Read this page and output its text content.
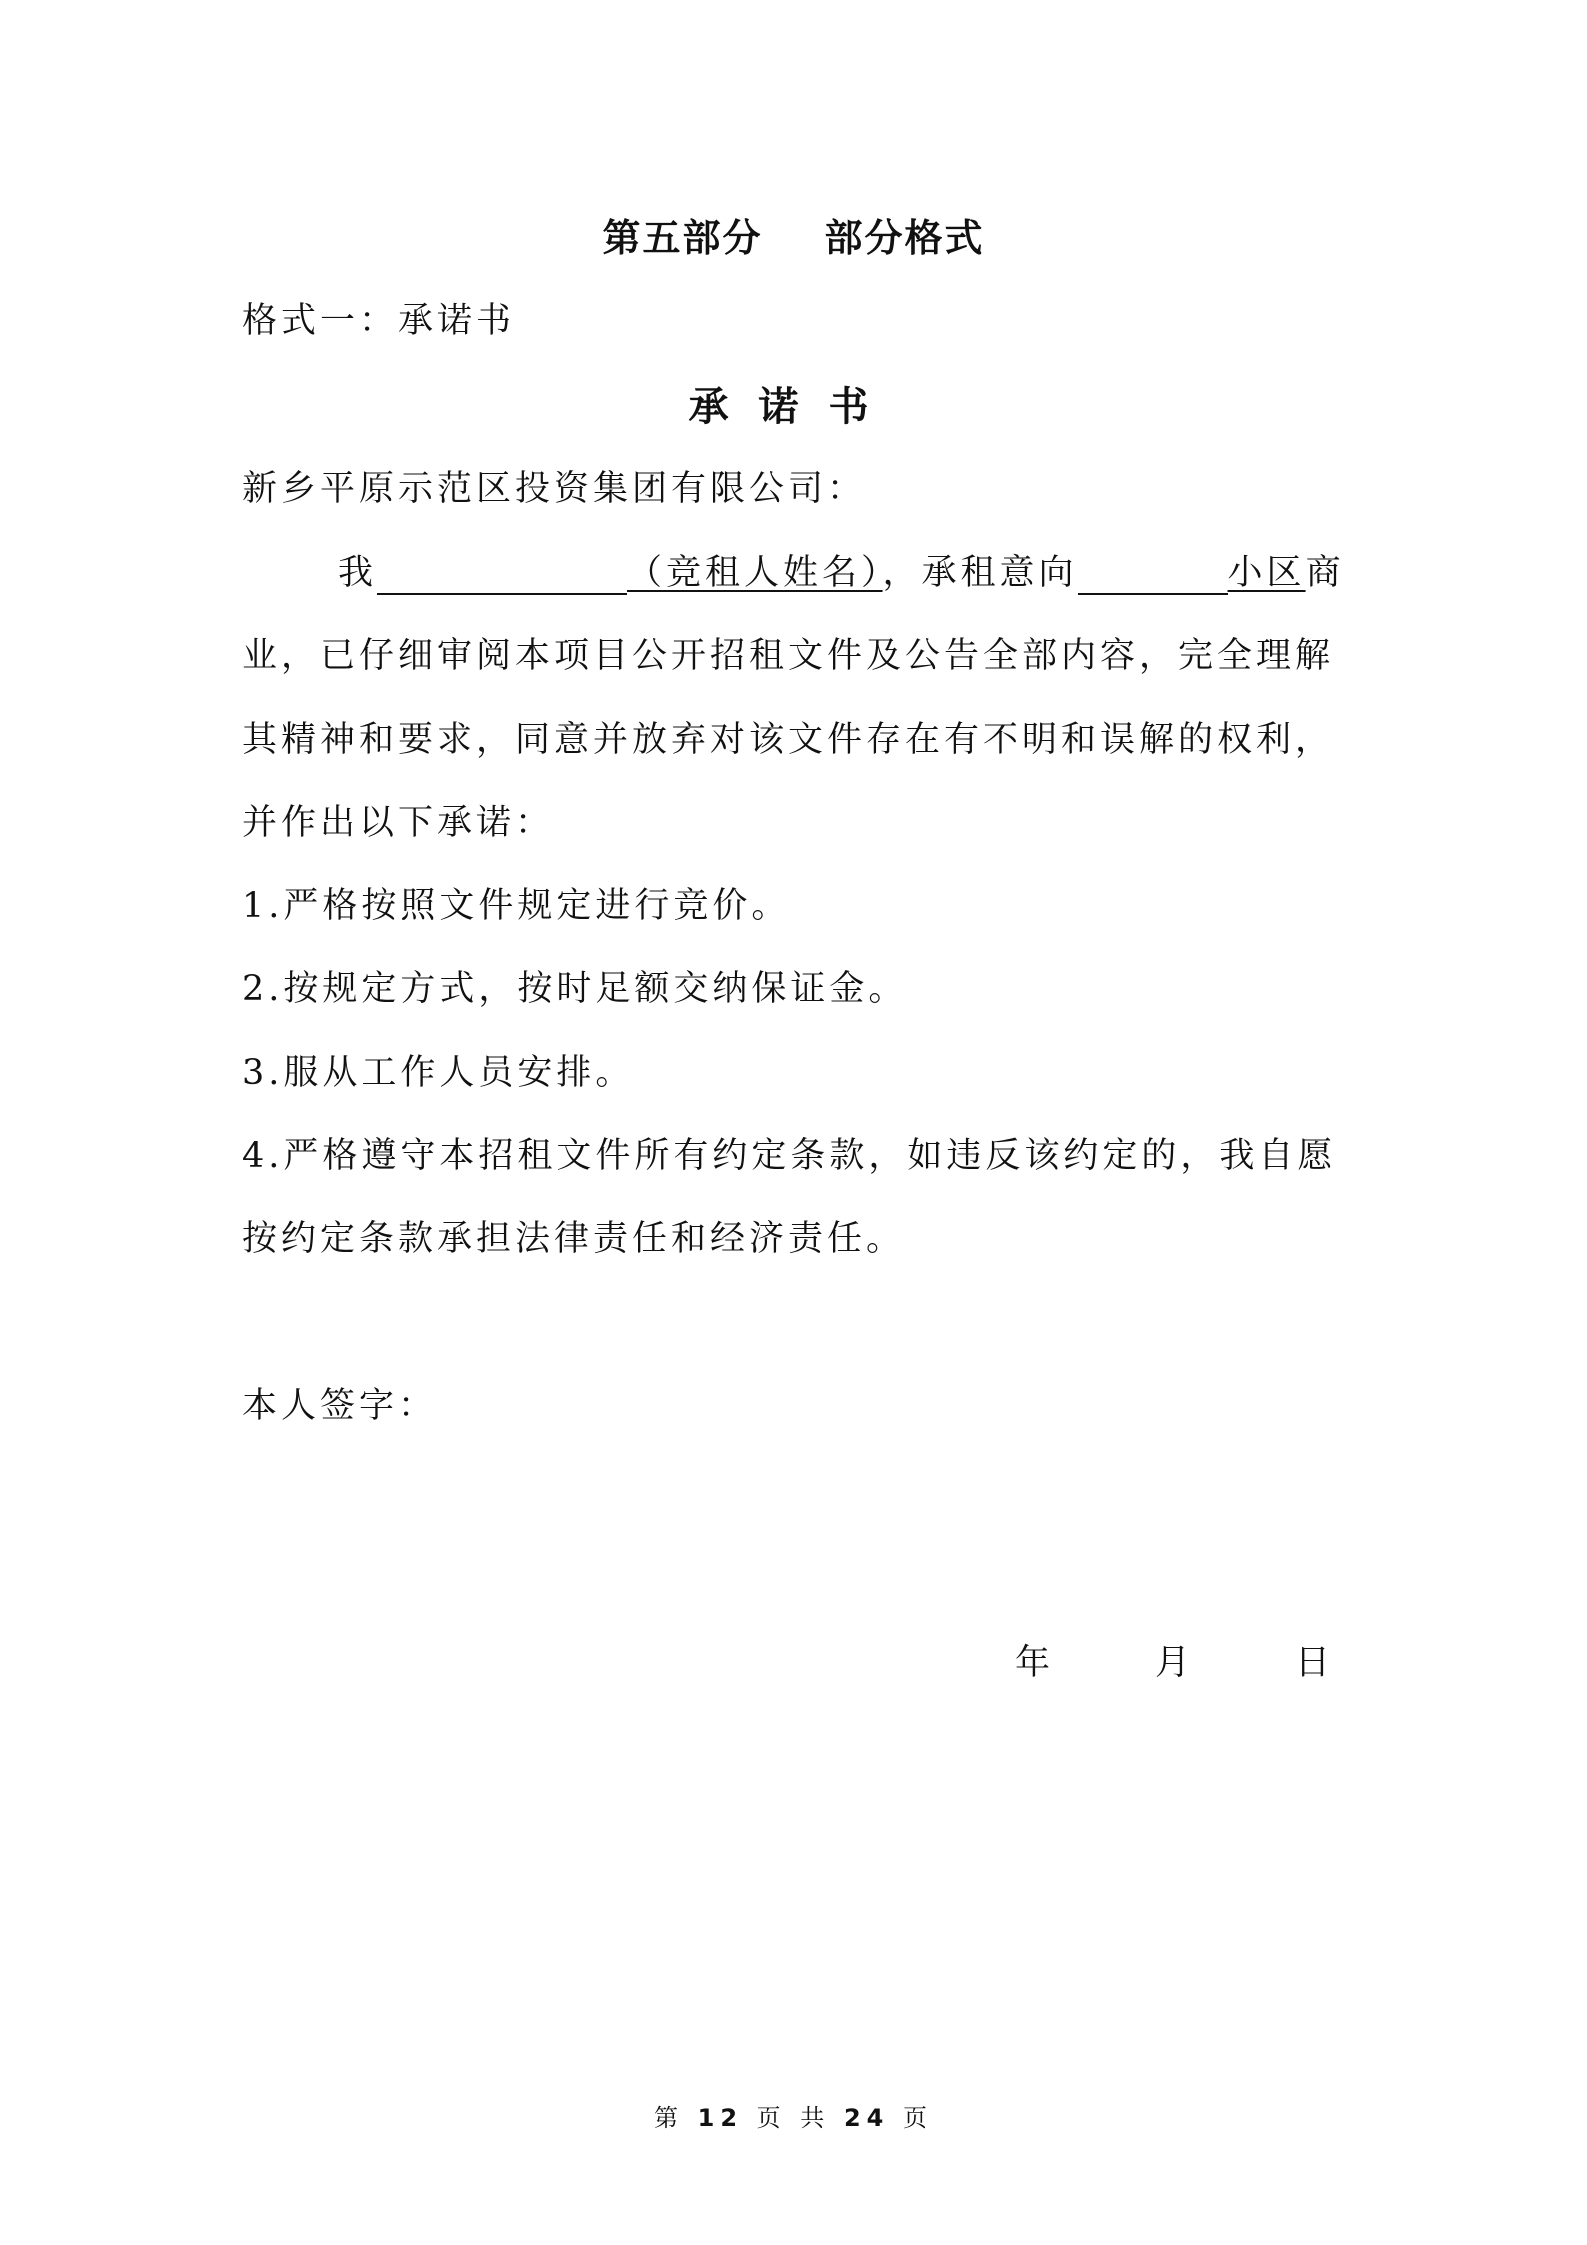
第五部分 部分格式
格式一：承诺书
承诺书
新乡平原示范区投资集团有限公司：
我	（竞租人姓名），承租意向	小区商
业，已仔细审阅本项目公开招租文件及公告全部内容，完全理解
其精神和要求，同意并放弃对该文件存在有不明和误解的权利，
并作出以下承诺：
1.严格按照文件规定进行竞价。
2.按规定方式，按时足额交纳保证金。
3.服从工作人员安排。
4.严格遵守本招租文件所有约定条款，如违反该约定的，我自愿
按约定条款承担法律责任和经济责任。
本人签字：
年	月	日
第 12 页 共 24 页
